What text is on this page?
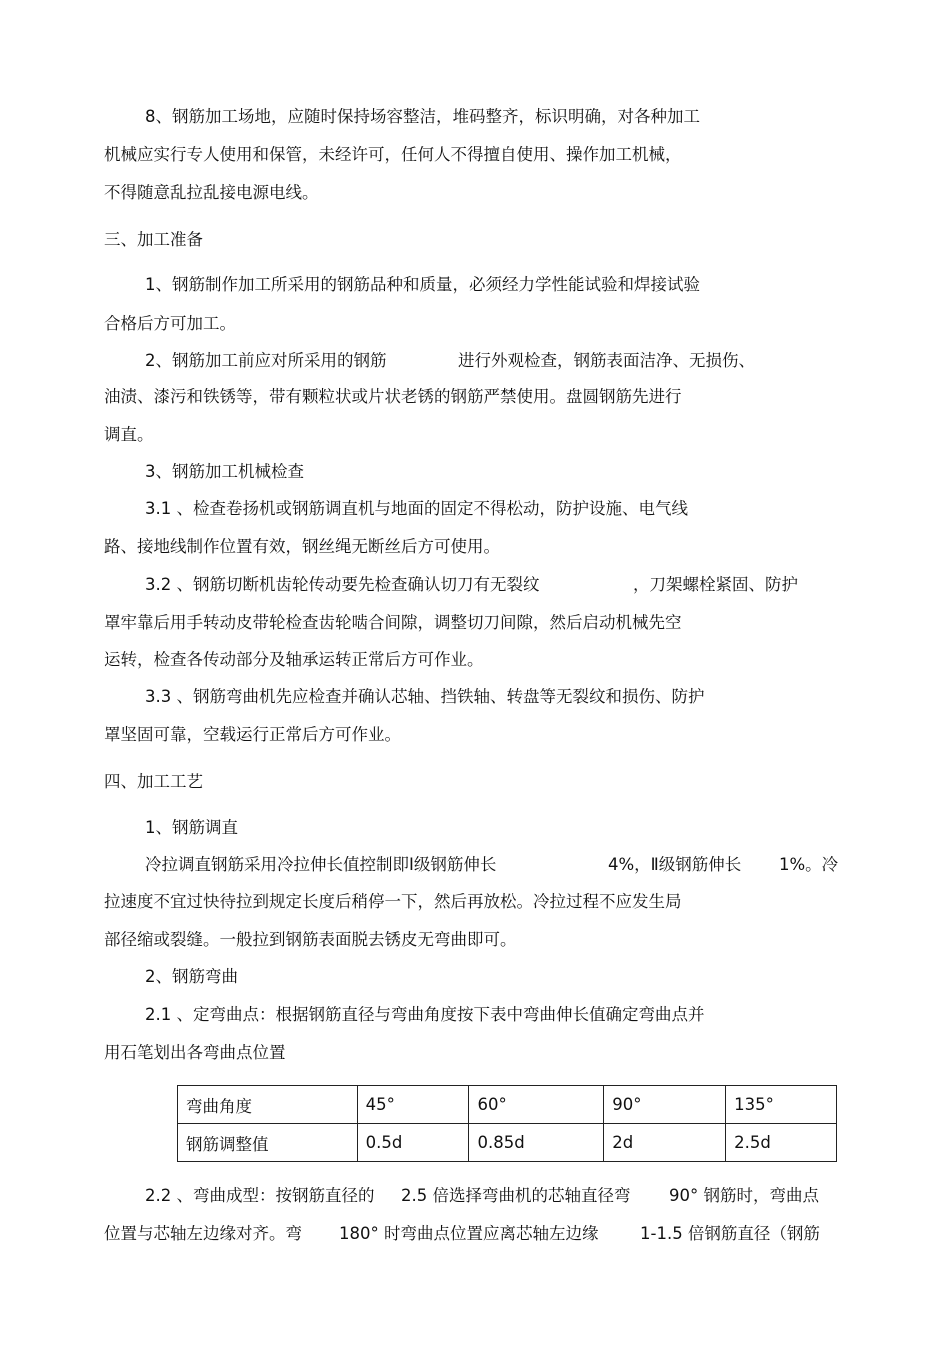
8、钢筋加工场地，应随时保持场容整洁，堆码整齐，标识明确，对各种加工
机械应实行专人使用和保管，未经许可，任何人不得擅自使用、操作加工机械，
不得随意乱拉乱接电源电线。
三、加工准备
1、钢筋制作加工所采用的钢筋品种和质量，必须经力学性能试验和焊接试验
合格后方可加工。
2、钢筋加工前应对所采用的钢筋	进行外观检查，钢筋表面洁净、无损伤、
油渍、漆污和铁锈等，带有颗粒状或片状老锈的钢筋严禁使用。盘圆钢筋先进行
调直。
3、钢筋加工机械检查
3.1 、检查卷扬机或钢筋调直机与地面的固定不得松动，防护设施、电气线
路、接地线制作位置有效，钢丝绳无断丝后方可使用。
3.2 、钢筋切断机齿轮传动要先检查确认切刀有无裂纹	，刀架螺栓紧固、防护
罩牢靠后用手转动皮带轮检查齿轮啮合间隙，调整切刀间隙，然后启动机械先空
运转，检查各传动部分及轴承运转正常后方可作业。
3.3 、钢筋弯曲机先应检查并确认芯轴、挡铁轴、转盘等无裂纹和损伤、防护
罩坚固可靠，空载运行正常后方可作业。
四、加工工艺
1、钢筋调直
冷拉调直钢筋采用冷拉伸长值控制即Ⅰ级钢筋伸长	4%，Ⅱ级钢筋伸长 1%。冷
拉速度不宜过快待拉到规定长度后稍停一下，然后再放松。冷拉过程不应发生局
部径缩或裂缝。一般拉到钢筋表面脱去锈皮无弯曲即可。
2、钢筋弯曲
2.1 、定弯曲点：根据钢筋直径与弯曲角度按下表中弯曲伸长值确定弯曲点并
用石笔划出各弯曲点位置
弯曲角度	45°	60°	90°	135°
钢筋调整值	0.5d	0.85d	2d	2.5d
2.2 、弯曲成型：按钢筋直径的 2.5 倍选择弯曲机的芯轴直径弯 90° 钢筋时，弯曲点
位置与芯轴左边缘对齐。弯 180° 时弯曲点位置应离芯轴左边缘	1-1.5 倍钢筋直径（钢筋
